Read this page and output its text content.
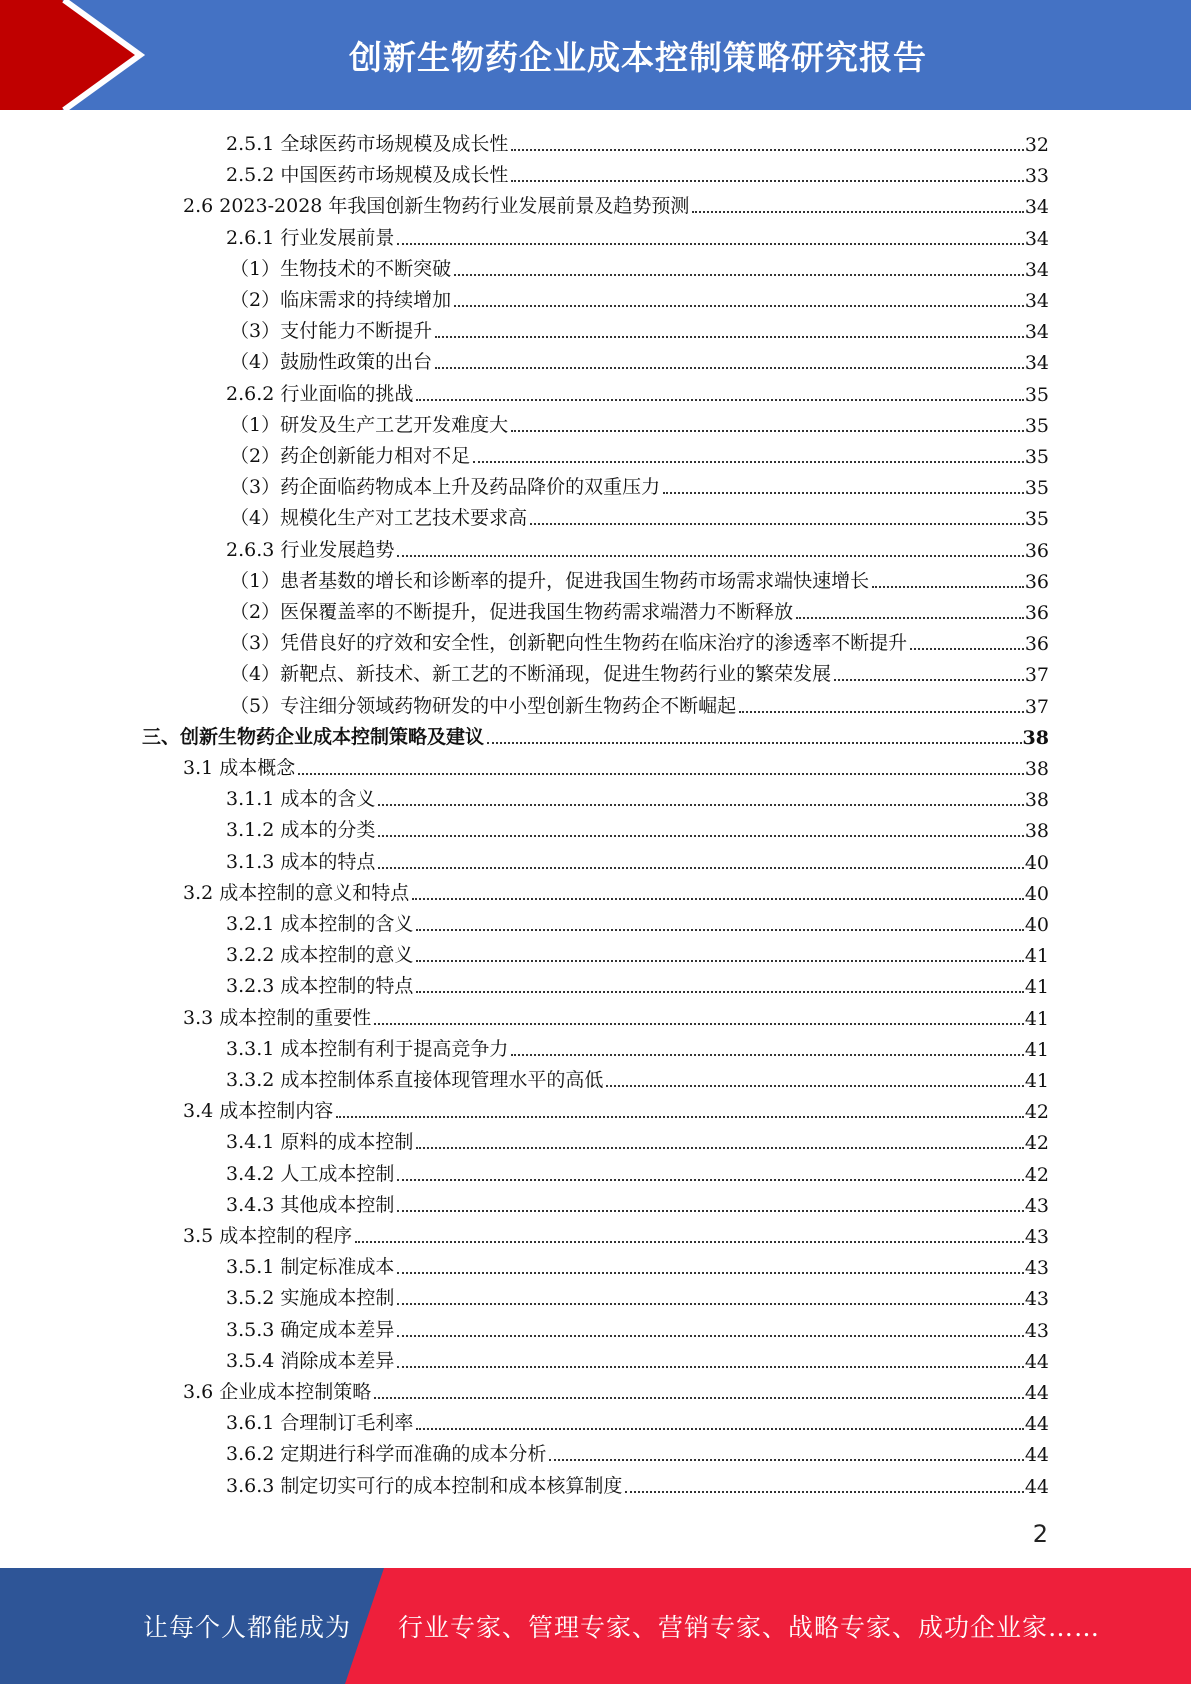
创新生物药企业成本控制策略研究报告
2.5.1 全球医药市场规模及成长性	32
2.5.2 中国医药市场规模及成长性	33
2.6 2023-2028 年我国创新生物药行业发展前景及趋势预测	34
2.6.1 行业发展前景	34
（1）生物技术的不断突破	34
（2）临床需求的持续增加	34
（3）支付能力不断提升	34
（4）鼓励性政策的出台	34
2.6.2 行业面临的挑战	35
（1）研发及生产工艺开发难度大	35
（2）药企创新能力相对不足	35
（3）药企面临药物成本上升及药品降价的双重压力	35
（4）规模化生产对工艺技术要求高	35
2.6.3 行业发展趋势	36
（1）患者基数的增长和诊断率的提升，促进我国生物药市场需求端快速增长	36
（2）医保覆盖率的不断提升，促进我国生物药需求端潜力不断释放	36
（3）凭借良好的疗效和安全性，创新靶向性生物药在临床治疗的渗透率不断提升	36
（4）新靶点、新技术、新工艺的不断涌现，促进生物药行业的繁荣发展	37
（5）专注细分领域药物研发的中小型创新生物药企不断崛起	37
三、创新生物药企业成本控制策略及建议	38
3.1 成本概念	38
3.1.1 成本的含义	38
3.1.2 成本的分类	38
3.1.3 成本的特点	40
3.2 成本控制的意义和特点	40
3.2.1 成本控制的含义	40
3.2.2 成本控制的意义	41
3.2.3 成本控制的特点	41
3.3 成本控制的重要性	41
3.3.1 成本控制有利于提高竞争力	41
3.3.2 成本控制体系直接体现管理水平的高低	41
3.4 成本控制内容	42
3.4.1 原料的成本控制	42
3.4.2 人工成本控制	42
3.4.3 其他成本控制	43
3.5 成本控制的程序	43
3.5.1 制定标准成本	43
3.5.2 实施成本控制	43
3.5.3 确定成本差异	43
3.5.4 消除成本差异	44
3.6 企业成本控制策略	44
3.6.1 合理制订毛利率	44
3.6.2 定期进行科学而准确的成本分析	44
3.6.3 制定切实可行的成本控制和成本核算制度	44
2
让每个人都能成为 行业专家、管理专家、营销专家、战略专家、成功企业家……
